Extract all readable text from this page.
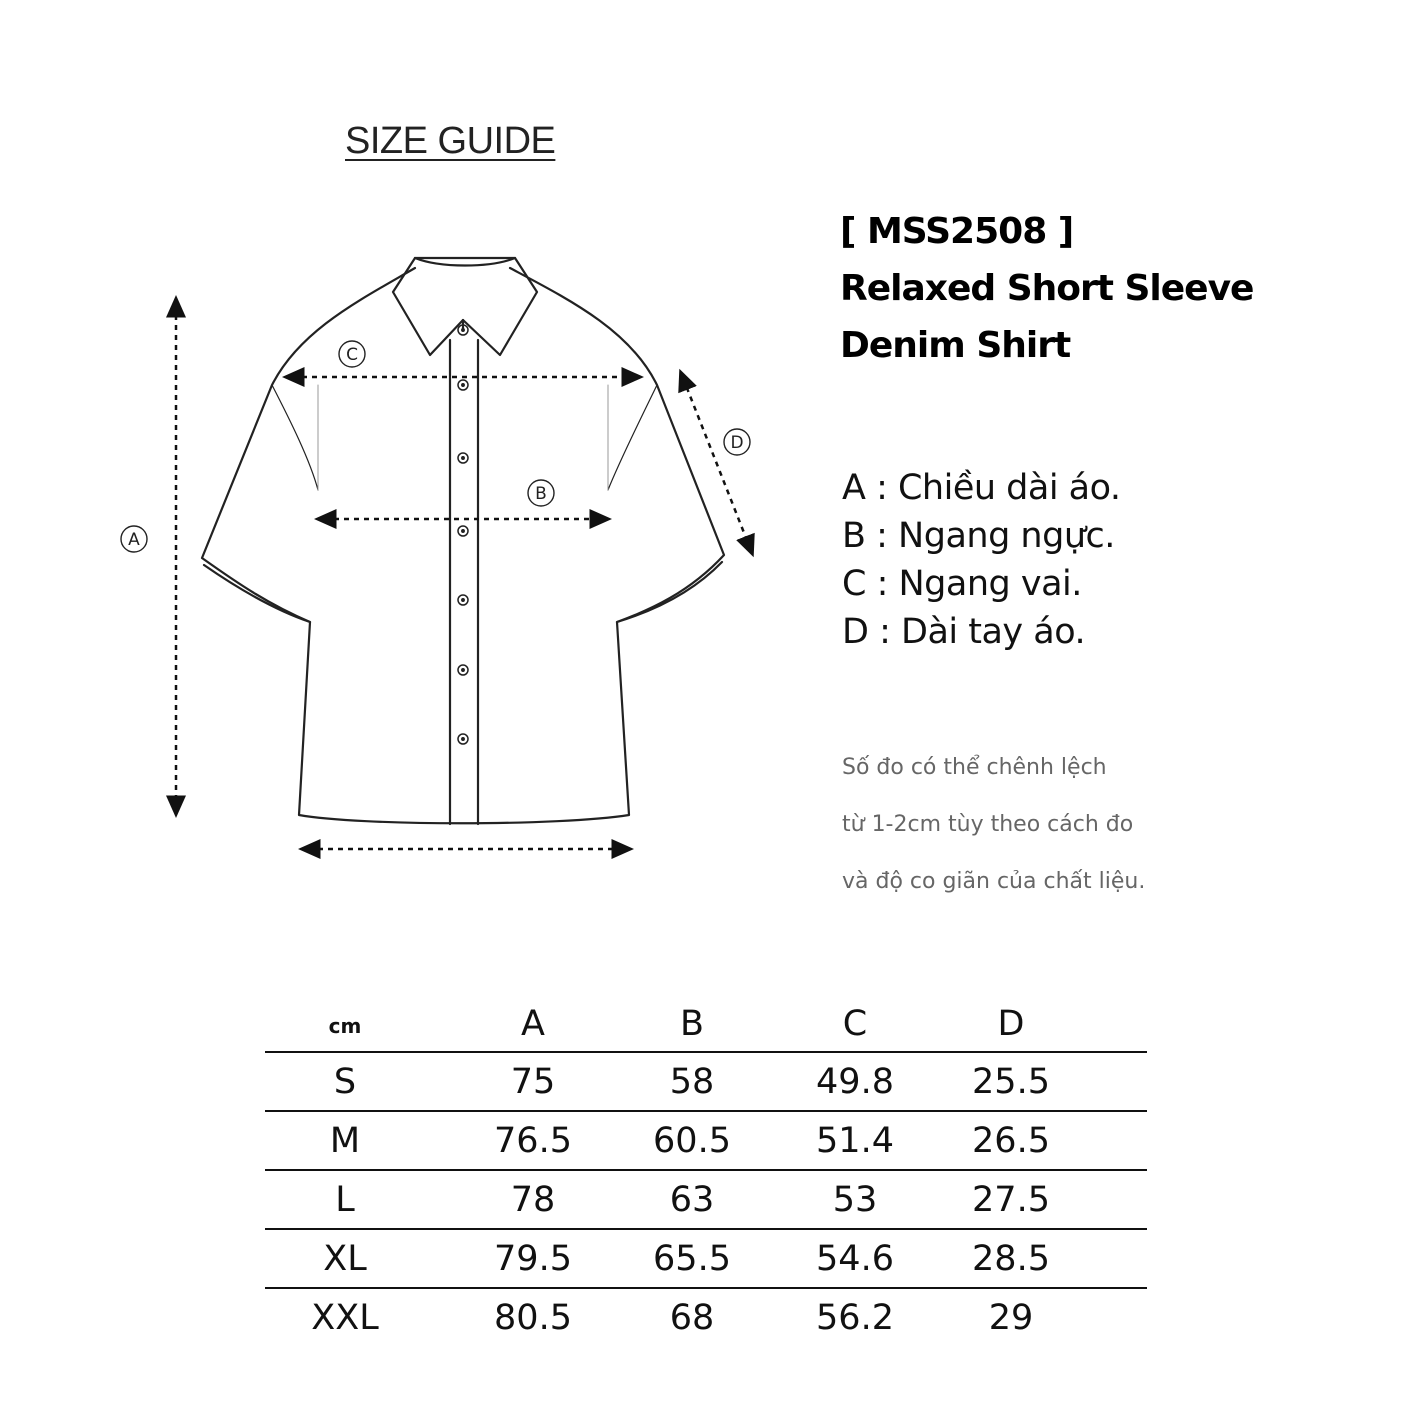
SIZE GUIDE
[ MSS2508 ]
Relaxed Short Sleeve
Denim Shirt
A
C
B
D
A : Chiều dài áo.
B : Ngang ngực.
C : Ngang vai.
D : Dài tay áo.
Số đo có thể chênh lệch
từ 1-2cm tùy theo cách đo
và độ co giãn của chất liệu.
cm	A	B	C	D
S	75	58	49.8	25.5
M	76.5	60.5	51.4	26.5
L	78	63	53	27.5
XL	79.5	65.5	54.6	28.5
XXL	80.5	68	56.2	29
